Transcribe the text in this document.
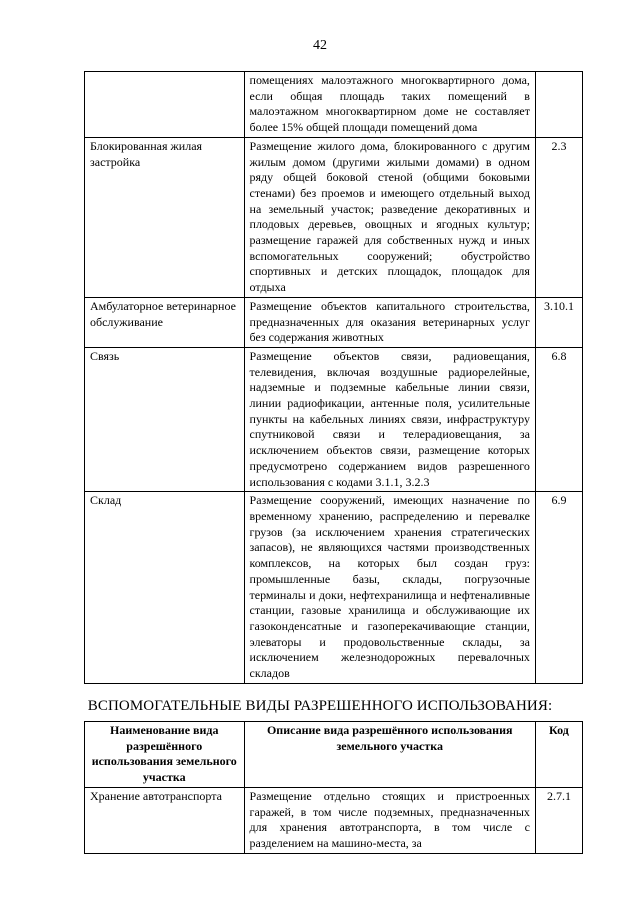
42
	помещениях малоэтажного многоквартирного дома, если общая площадь таких помещений в малоэтажном многоквартирном доме не составляет более 15% общей площади помещений дома	
Блокированная жилая застройка	Размещение жилого дома, блокированного с другим жилым домом (другими жилыми домами) в одном ряду общей боковой стеной (общими боковыми стенами) без проемов и имеющего отдельный выход на земельный участок; разведение декоративных и плодовых деревьев, овощных и ягодных культур; размещение гаражей для собственных нужд и иных вспомогательных сооружений; обустройство спортивных и детских площадок, площадок для отдыха	2.3
Амбулаторное ветеринарное обслуживание	Размещение объектов капитального строительства, предназначенных для оказания ветеринарных услуг без содержания животных	3.10.1
Связь	Размещение объектов связи, радиовещания, телевидения, включая воздушные радиорелейные, надземные и подземные кабельные линии связи, линии радиофикации, антенные поля, усилительные пункты на кабельных линиях связи, инфраструктуру спутниковой связи и телерадиовещания, за исключением объектов связи, размещение которых предусмотрено содержанием видов разрешенного использования с кодами 3.1.1, 3.2.3	6.8
Склад	Размещение сооружений, имеющих назначение по временному хранению, распределению и перевалке грузов (за исключением хранения стратегических запасов), не являющихся частями производственных комплексов, на которых был создан груз: промышленные базы, склады, погрузочные терминалы и доки, нефтехранилища и нефтеналивные станции, газовые хранилища и обслуживающие их газоконденсатные и газоперекачивающие станции, элеваторы и продовольственные склады, за исключением железнодорожных перевалочных складов	6.9
ВСПОМОГАТЕЛЬНЫЕ ВИДЫ РАЗРЕШЕННОГО ИСПОЛЬЗОВАНИЯ:
Наименование вида разрешённого использования земельного участка	Описание вида разрешённого использования земельного участка	Код
Хранение автотранспорта	Размещение отдельно стоящих и пристроенных гаражей, в том числе подземных, предназначенных для хранения автотранспорта, в том числе с разделением на машино-места, за	2.7.1
